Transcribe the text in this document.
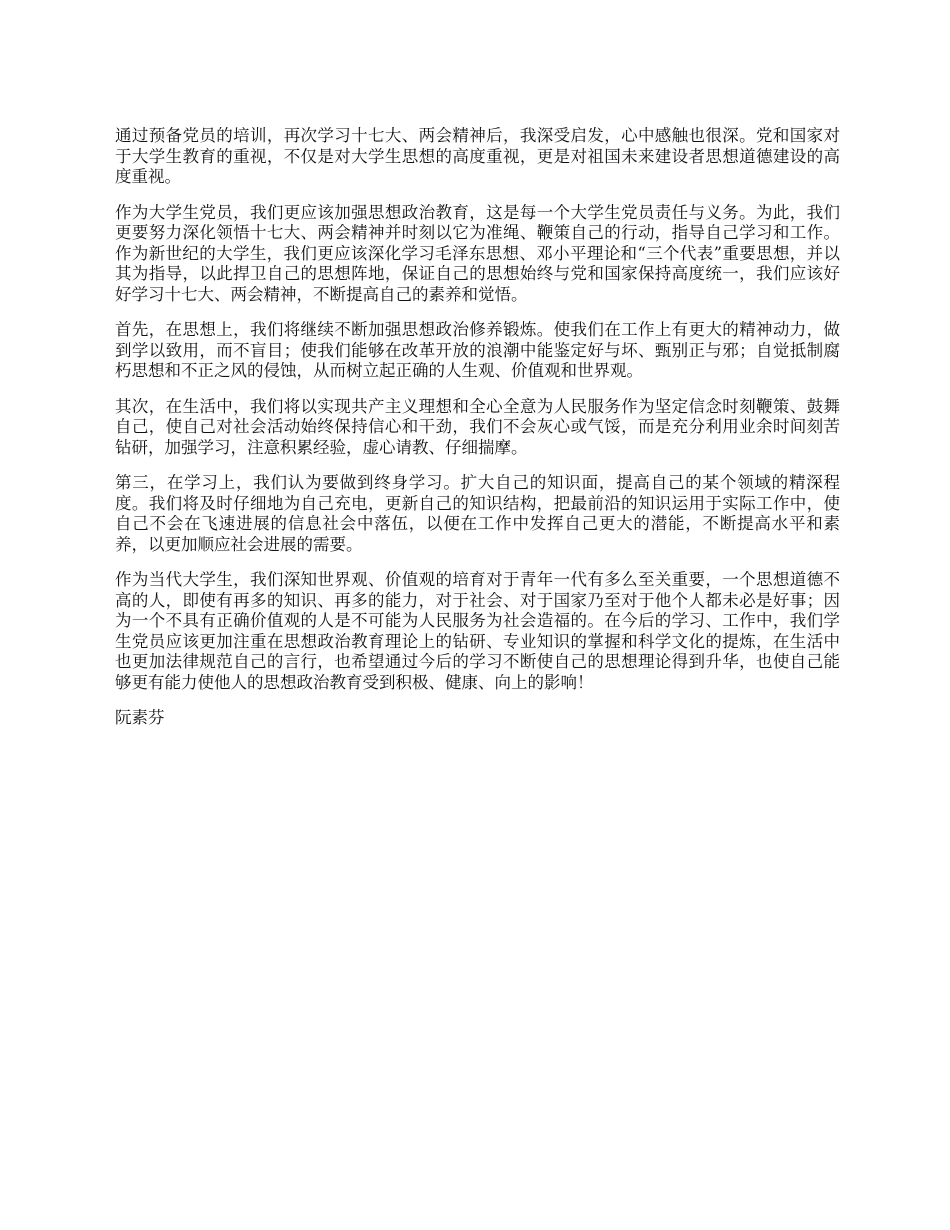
通过预备党员的培训，再次学习十七大、两会精神后，我深受启发，心中感触也很深。党和国家对于大学生教育的重视，不仅是对大学生思想的高度重视，更是对祖国未来建设者思想道德建设的高度重视。

作为大学生党员，我们更应该加强思想政治教育，这是每一个大学生党员责任与义务。为此，我们更要努力深化领悟十七大、两会精神并时刻以它为准绳、鞭策自己的行动，指导自己学习和工作。作为新世纪的大学生，我们更应该深化学习毛泽东思想、邓小平理论和“三个代表”重要思想，并以其为指导，以此捍卫自己的思想阵地，保证自己的思想始终与党和国家保持高度统一，我们应该好好学习十七大、两会精神，不断提高自己的素养和觉悟。

首先，在思想上，我们将继续不断加强思想政治修养锻炼。使我们在工作上有更大的精神动力，做到学以致用，而不盲目；使我们能够在改革开放的浪潮中能鉴定好与坏、甄别正与邪；自觉抵制腐朽思想和不正之风的侵蚀，从而树立起正确的人生观、价值观和世界观。

其次，在生活中，我们将以实现共产主义理想和全心全意为人民服务作为坚定信念时刻鞭策、鼓舞自己，使自己对社会活动始终保持信心和干劲，我们不会灰心或气馁，而是充分利用业余时间刻苦钻研，加强学习，注意积累经验，虚心请教、仔细揣摩。

第三，在学习上，我们认为要做到终身学习。扩大自己的知识面，提高自己的某个领域的精深程度。我们将及时仔细地为自己充电，更新自己的知识结构，把最前沿的知识运用于实际工作中，使自己不会在飞速进展的信息社会中落伍，以便在工作中发挥自己更大的潜能，不断提高水平和素养，以更加顺应社会进展的需要。

作为当代大学生，我们深知世界观、价值观的培育对于青年一代有多么至关重要，一个思想道德不高的人，即使有再多的知识、再多的能力，对于社会、对于国家乃至对于他个人都未必是好事；因为一个不具有正确价值观的人是不可能为人民服务为社会造福的。在今后的学习、工作中，我们学生党员应该更加注重在思想政治教育理论上的钻研、专业知识的掌握和科学文化的提炼，在生活中也更加法律规范自己的言行，也希望通过今后的学习不断使自己的思想理论得到升华，也使自己能够更有能力使他人的思想政治教育受到积极、健康、向上的影响！

阮素芬
